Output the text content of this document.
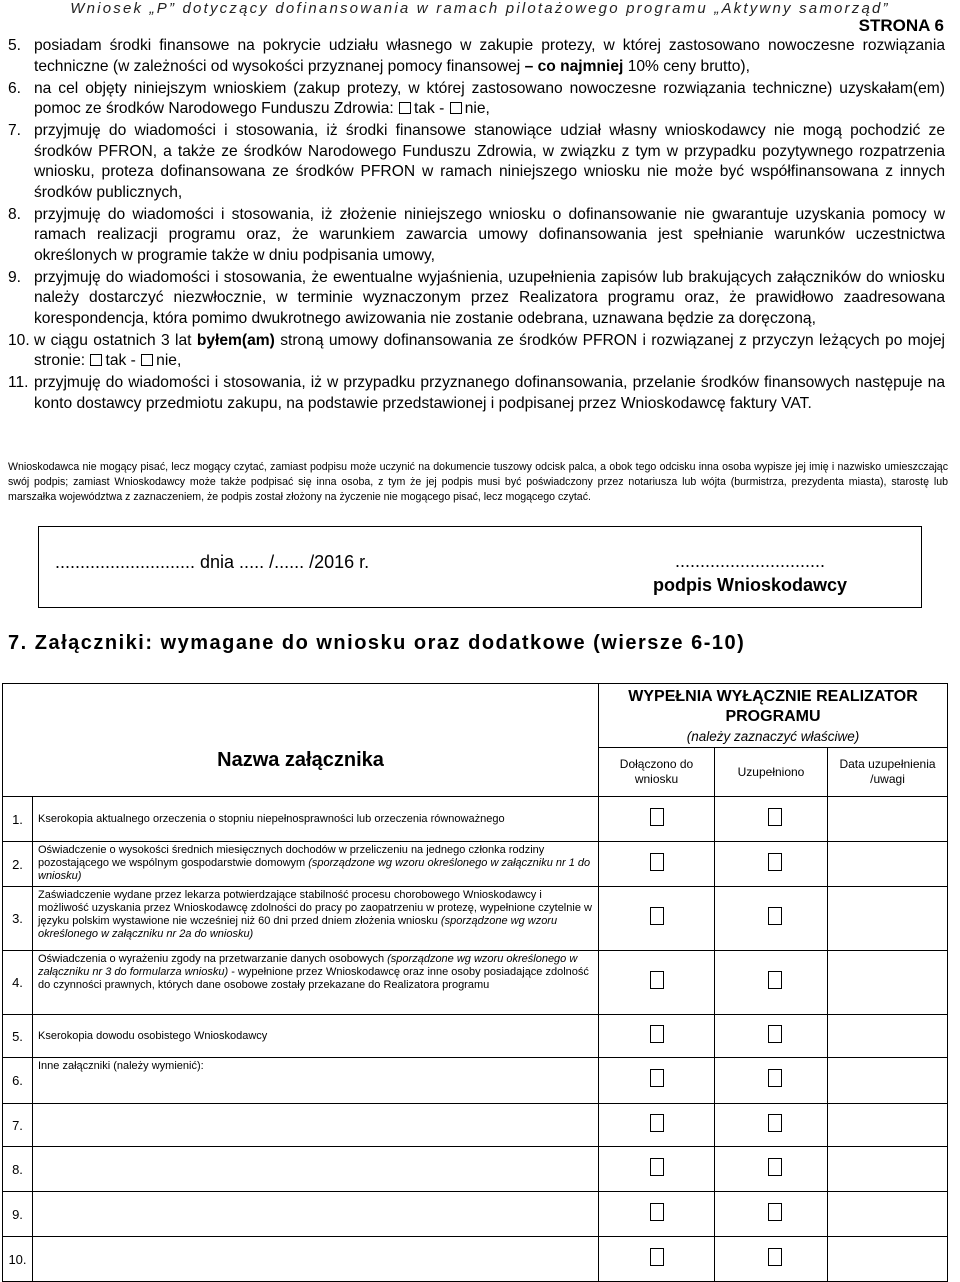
Wniosek „P” dotyczący dofinansowania w ramach pilotażowego programu „Aktywny samorząd”
STRONA 6
5. posiadam środki finansowe na pokrycie udziału własnego w zakupie protezy, w której zastosowano nowoczesne rozwiązania techniczne (w zależności od wysokości przyznanej pomocy finansowej – co najmniej 10% ceny brutto),
6. na cel objęty niniejszym wnioskiem (zakup protezy, w której zastosowano nowoczesne rozwiązania techniczne) uzyskałam(em) pomoc ze środków Narodowego Funduszu Zdrowia: tak - nie,
7. przyjmuję do wiadomości i stosowania, iż środki finansowe stanowiące udział własny wnioskodawcy nie mogą pochodzić ze środków PFRON, a także ze środków Narodowego Funduszu Zdrowia, w związku z tym w przypadku pozytywnego rozpatrzenia wniosku, proteza dofinansowana ze środków PFRON w ramach niniejszego wniosku nie może być współfinansowana z innych środków publicznych,
8. przyjmuję do wiadomości i stosowania, iż złożenie niniejszego wniosku o dofinansowanie nie gwarantuje uzyskania pomocy w ramach realizacji programu oraz, że warunkiem zawarcia umowy dofinansowania jest spełnianie warunków uczestnictwa określonych w programie także w dniu podpisania umowy,
9. przyjmuję do wiadomości i stosowania, że ewentualne wyjaśnienia, uzupełnienia zapisów lub brakujących załączników do wniosku należy dostarczyć niezwłocznie, w terminie wyznaczonym przez Realizatora programu oraz, że prawidłowo zaadresowana korespondencja, która pomimo dwukrotnego awizowania nie zostanie odebrana, uznawana będzie za doręczoną,
10. w ciągu ostatnich 3 lat byłem(am) stroną umowy dofinansowania ze środków PFRON i rozwiązanej z przyczyn leżących po mojej stronie: tak - nie,
11. przyjmuję do wiadomości i stosowania, iż w przypadku przyznanego dofinansowania, przelanie środków finansowych następuje na konto dostawcy przedmiotu zakupu, na podstawie przedstawionej i podpisanej przez Wnioskodawcę faktury VAT.
Wnioskodawca nie mogący pisać, lecz mogący czytać, zamiast podpisu może uczynić na dokumencie tuszowy odcisk palca, a obok tego odcisku inna osoba wypisze jej imię i nazwisko umieszczając swój podpis; zamiast Wnioskodawcy może także podpisać się inna osoba, z tym że jej podpis musi być poświadczony przez notariusza lub wójta (burmistrza, prezydenta miasta), starostę lub marszałka województwa z zaznaczeniem, że podpis został złożony na życzenie nie mogącego pisać, lecz mogącego czytać.
............................ dnia ..... /...... /2016 r.	..............................
podpis Wnioskodawcy
7. Załączniki: wymagane do wniosku oraz dodatkowe (wiersze 6-10)
Nazwa załącznika		WYPEŁNIA WYŁĄCZNIE REALIZATOR PROGRAMU
(należy zaznaczyć właściwe)		

		Dołączono do wniosku	Uzupełniono	Data uzupełnienia /uwagi
1.	Kserokopia aktualnego orzeczenia o stopniu niepełnosprawności lub orzeczenia równoważnego			
2.	Oświadczenie o wysokości średnich miesięcznych dochodów w przeliczeniu na jednego członka rodziny pozostającego we wspólnym gospodarstwie domowym (sporządzone wg wzoru określonego w załączniku nr 1 do wniosku)			
3.	Zaświadczenie wydane przez lekarza potwierdzające stabilność procesu chorobowego Wnioskodawcy i możliwość uzyskania przez Wnioskodawcę zdolności do pracy po zaopatrzeniu w protezę, wypełnione czytelnie w języku polskim wystawione nie wcześniej niż 60 dni przed dniem złożenia wniosku (sporządzone wg wzoru określonego w załączniku nr 2a do wniosku)			
4.	Oświadczenia o wyrażeniu zgody na przetwarzanie danych osobowych (sporządzone wg wzoru określonego w załączniku nr 3 do formularza wniosku) - wypełnione przez Wnioskodawcę oraz inne osoby posiadające zdolność do czynności prawnych, których dane osobowe zostały przekazane do Realizatora programu			
5.	Kserokopia dowodu osobistego Wnioskodawcy			
6.	Inne załączniki (należy wymienić):			
7.				
8.				
9.				
10.				
